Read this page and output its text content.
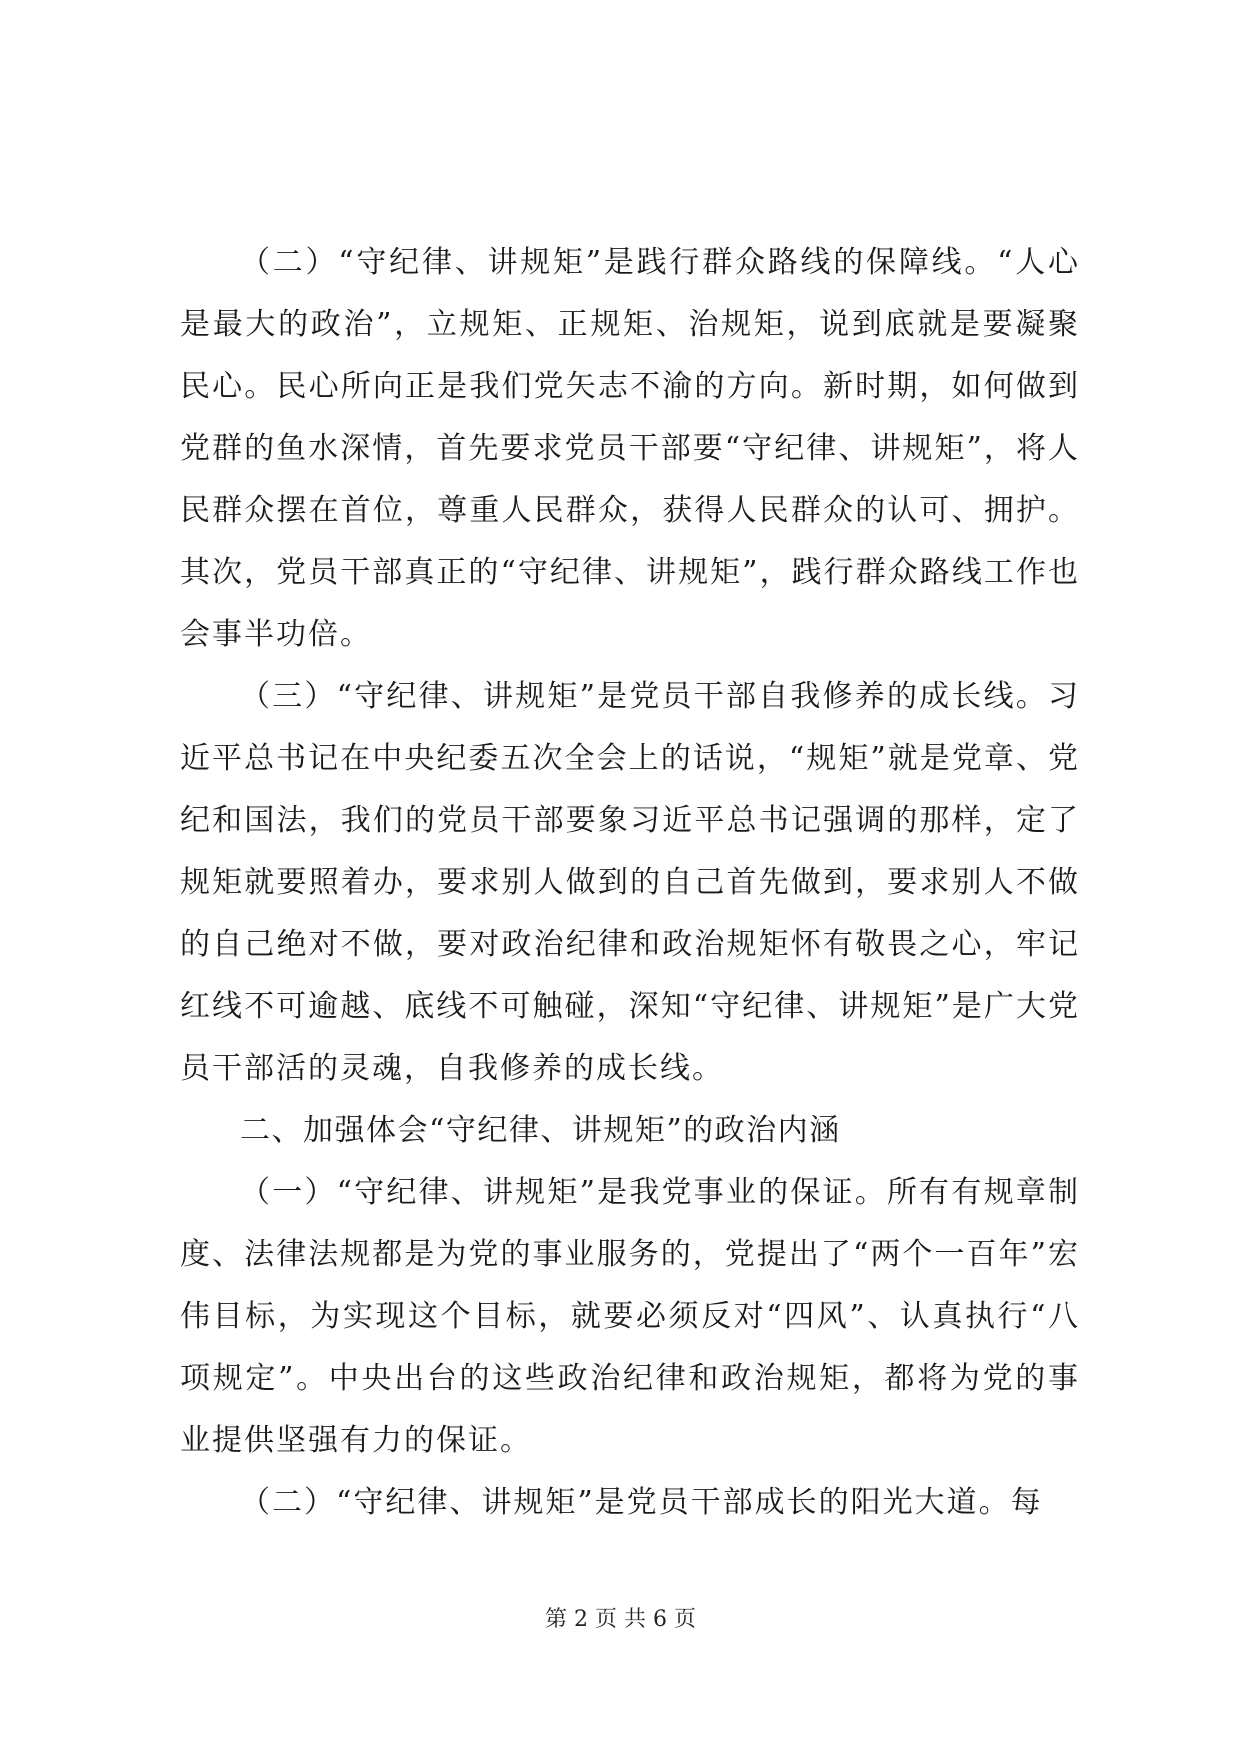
（二）“守纪律、讲规矩”是践行群众路线的保障线。“人心是最大的政治”，立规矩、正规矩、治规矩，说到底就是要凝聚民心。民心所向正是我们党矢志不渝的方向。新时期，如何做到党群的鱼水深情，首先要求党员干部要“守纪律、讲规矩”，将人民群众摆在首位，尊重人民群众，获得人民群众的认可、拥护。其次，党员干部真正的“守纪律、讲规矩”，践行群众路线工作也会事半功倍。

（三）“守纪律、讲规矩”是党员干部自我修养的成长线。习近平总书记在中央纪委五次全会上的话说，“规矩”就是党章、党纪和国法，我们的党员干部要象习近平总书记强调的那样，定了规矩就要照着办，要求别人做到的自己首先做到，要求别人不做的自己绝对不做，要对政治纪律和政治规矩怀有敬畏之心，牢记红线不可逾越、底线不可触碰，深知“守纪律、讲规矩”是广大党员干部活的灵魂，自我修养的成长线。

二、加强体会“守纪律、讲规矩”的政治内涵

（一）“守纪律、讲规矩”是我党事业的保证。所有有规章制度、法律法规都是为党的事业服务的，党提出了“两个一百年”宏伟目标，为实现这个目标，就要必须反对“四风”、认真执行“八项规定”。中央出台的这些政治纪律和政治规矩，都将为党的事业提供坚强有力的保证。

（二）“守纪律、讲规矩”是党员干部成长的阳光大道。每

第 2 页 共 6 页
